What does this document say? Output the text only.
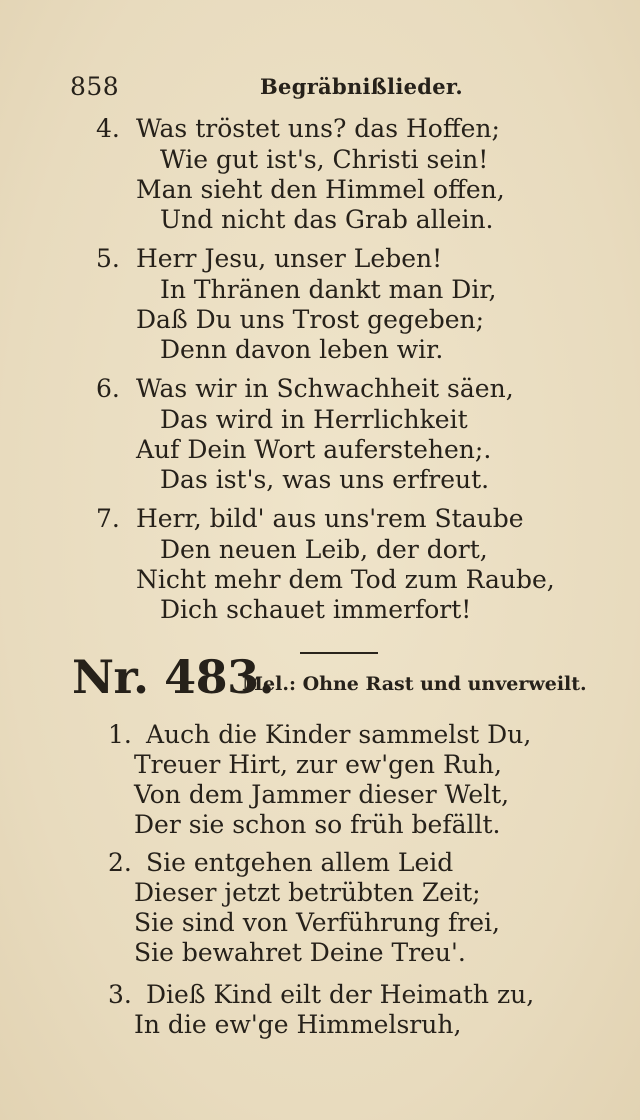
858	Begräbnißlieder.
4. Was tröstet uns? das Hoffen;
Wie gut ist's, Christi sein!
Man sieht den Himmel offen,
Und nicht das Grab allein.
5. Herr Jesu, unser Leben!
In Thränen dankt man Dir,
Daß Du uns Trost gegeben;
Denn davon leben wir.
6. Was wir in Schwachheit säen,
Das wird in Herrlichkeit
Auf Dein Wort auferstehen;.
Das ist's, was uns erfreut.
7. Herr, bild' aus uns'rem Staube
Den neuen Leib, der dort,
Nicht mehr dem Tod zum Raube,
Dich schauet immerfort!
Nr. 483.
Mel.: Ohne Rast und unverweilt.
1. Auch die Kinder sammelst Du,
Treuer Hirt, zur ew'gen Ruh,
Von dem Jammer dieser Welt,
Der sie schon so früh befällt.
2. Sie entgehen allem Leid
Dieser jetzt betrübten Zeit;
Sie sind von Verführung frei,
Sie bewahret Deine Treu'.
3. Dieß Kind eilt der Heimath zu,
In die ew'ge Himmelsruh,
